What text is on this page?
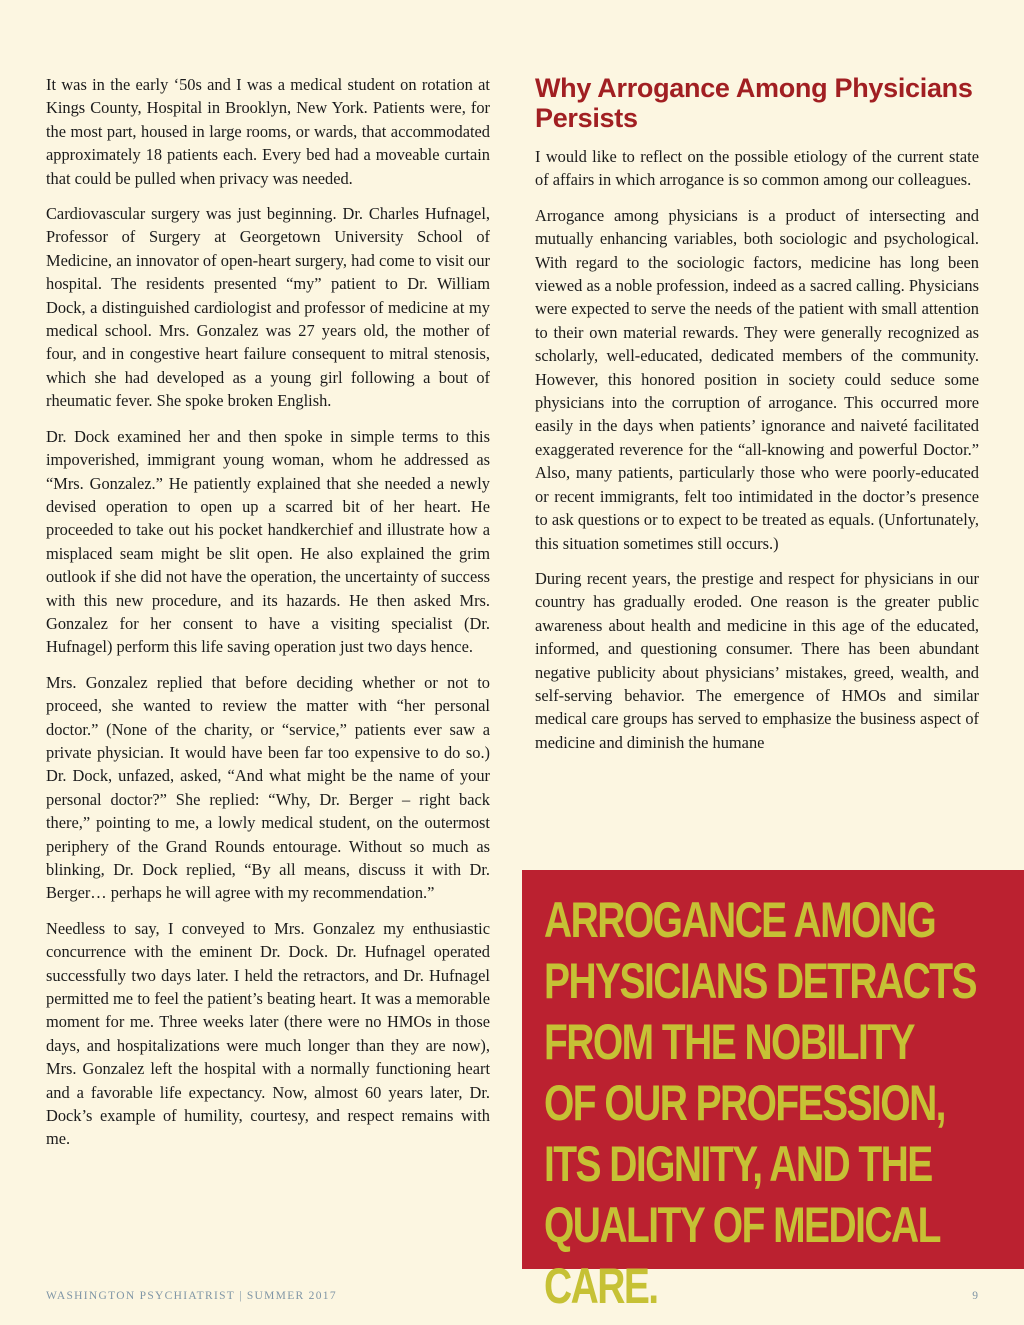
It was in the early ‘50s and I was a medical student on rotation at Kings County, Hospital in Brooklyn, New York. Patients were, for the most part, housed in large rooms, or wards, that accommodated approximately 18 patients each. Every bed had a moveable curtain that could be pulled when privacy was needed.

Cardiovascular surgery was just beginning. Dr. Charles Hufnagel, Professor of Surgery at Georgetown University School of Medicine, an innovator of open-heart surgery, had come to visit our hospital. The residents presented “my” patient to Dr. William Dock, a distinguished cardiologist and professor of medicine at my medical school. Mrs. Gonzalez was 27 years old, the mother of four, and in congestive heart failure consequent to mitral stenosis, which she had developed as a young girl following a bout of rheumatic fever. She spoke broken English.

Dr. Dock examined her and then spoke in simple terms to this impoverished, immigrant young woman, whom he addressed as “Mrs. Gonzalez.” He patiently explained that she needed a newly devised operation to open up a scarred bit of her heart. He proceeded to take out his pocket handkerchief and illustrate how a misplaced seam might be slit open. He also explained the grim outlook if she did not have the operation, the uncertainty of success with this new procedure, and its hazards. He then asked Mrs. Gonzalez for her consent to have a visiting specialist (Dr. Hufnagel) perform this life saving operation just two days hence.

Mrs. Gonzalez replied that before deciding whether or not to proceed, she wanted to review the matter with “her personal doctor.” (None of the charity, or “service,” patients ever saw a private physician. It would have been far too expensive to do so.) Dr. Dock, unfazed, asked, “And what might be the name of your personal doctor?” She replied: “Why, Dr. Berger – right back there,” pointing to me, a lowly medical student, on the outermost periphery of the Grand Rounds entourage. Without so much as blinking, Dr. Dock replied, “By all means, discuss it with Dr. Berger… perhaps he will agree with my recommendation.”

Needless to say, I conveyed to Mrs. Gonzalez my enthusiastic concurrence with the eminent Dr. Dock. Dr. Hufnagel operated successfully two days later. I held the retractors, and Dr. Hufnagel permitted me to feel the patient’s beating heart. It was a memorable moment for me. Three weeks later (there were no HMOs in those days, and hospitalizations were much longer than they are now), Mrs. Gonzalez left the hospital with a normally functioning heart and a favorable life expectancy. Now, almost 60 years later, Dr. Dock’s example of humility, courtesy, and respect remains with me.

Why Arrogance Among Physicians Persists

I would like to reflect on the possible etiology of the current state of affairs in which arrogance is so common among our colleagues.

Arrogance among physicians is a product of intersecting and mutually enhancing variables, both sociologic and psychological. With regard to the sociologic factors, medicine has long been viewed as a noble profession, indeed as a sacred calling. Physicians were expected to serve the needs of the patient with small attention to their own material rewards. They were generally recognized as scholarly, well-educated, dedicated members of the community. However, this honored position in society could seduce some physicians into the corruption of arrogance. This occurred more easily in the days when patients’ ignorance and naiveté facilitated exaggerated reverence for the “all-knowing and powerful Doctor.” Also, many patients, particularly those who were poorly-educated or recent immigrants, felt too intimidated in the doctor’s presence to ask questions or to expect to be treated as equals. (Unfortunately, this situation sometimes still occurs.)

During recent years, the prestige and respect for physicians in our country has gradually eroded. One reason is the greater public awareness about health and medicine in this age of the educated, informed, and questioning consumer. There has been abundant negative publicity about physicians’ mistakes, greed, wealth, and self-serving behavior. The emergence of HMOs and similar medical care groups has served to emphasize the business aspect of medicine and diminish the humane

ARROGANCE AMONG
PHYSICIANS DETRACTS
FROM THE NOBILITY
OF OUR PROFESSION,
ITS DIGNITY, AND THE
QUALITY OF MEDICAL CARE.
WASHINGTON PSYCHIATRIST | SUMMER 2017	9
